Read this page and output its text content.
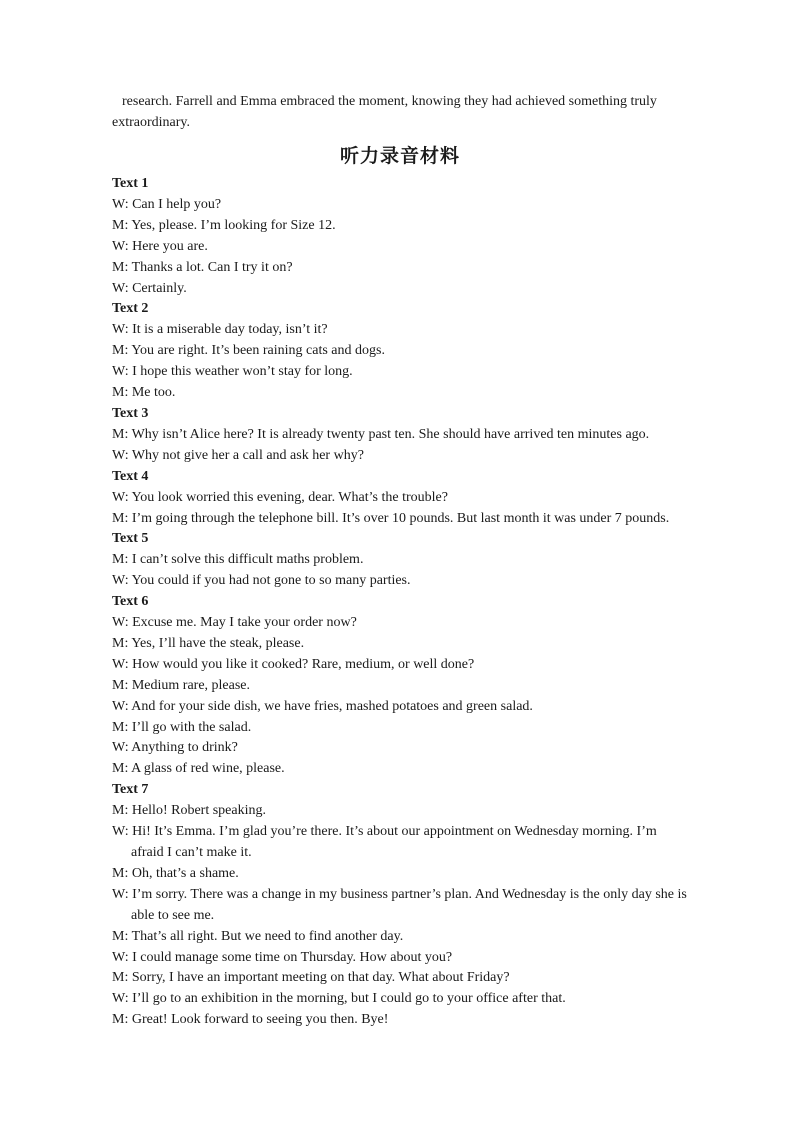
research. Farrell and Emma embraced the moment, knowing they had achieved something truly

extraordinary.

听力录音材料

Text 1

W: Can I help you?

M: Yes, please. I’m looking for Size 12.

W: Here you are.

M: Thanks a lot. Can I try it on?

W: Certainly.

Text 2

W: It is a miserable day today, isn’t it?

M: You are right. It’s been raining cats and dogs.

W: I hope this weather won’t stay for long.

M: Me too.

Text 3

M: Why isn’t Alice here? It is already twenty past ten. She should have arrived ten minutes ago.

W: Why not give her a call and ask her why?

Text 4

W: You look worried this evening, dear. What’s the trouble?

M: I’m going through the telephone bill. It’s over 10 pounds. But last month it was under 7 pounds.

Text 5

M: I can’t solve this difficult maths problem.

W: You could if you had not gone to so many parties.

Text 6

W: Excuse me. May I take your order now?

M: Yes, I’ll have the steak, please.

W: How would you like it cooked? Rare, medium, or well done?

M: Medium rare, please.

W: And for your side dish, we have fries, mashed potatoes and green salad.

M: I’ll go with the salad.

W: Anything to drink?

M: A glass of red wine, please.

Text 7

M: Hello! Robert speaking.

W: Hi! It’s Emma. I’m glad you’re there. It’s about our appointment on Wednesday morning. I’m afraid I can’t make it.

M: Oh, that’s a shame.

W: I’m sorry. There was a change in my business partner’s plan. And Wednesday is the only day she is able to see me.

M: That’s all right. But we need to find another day.

W: I could manage some time on Thursday. How about you?

M: Sorry, I have an important meeting on that day. What about Friday?

W: I’ll go to an exhibition in the morning, but I could go to your office after that.

M: Great! Look forward to seeing you then. Bye!
